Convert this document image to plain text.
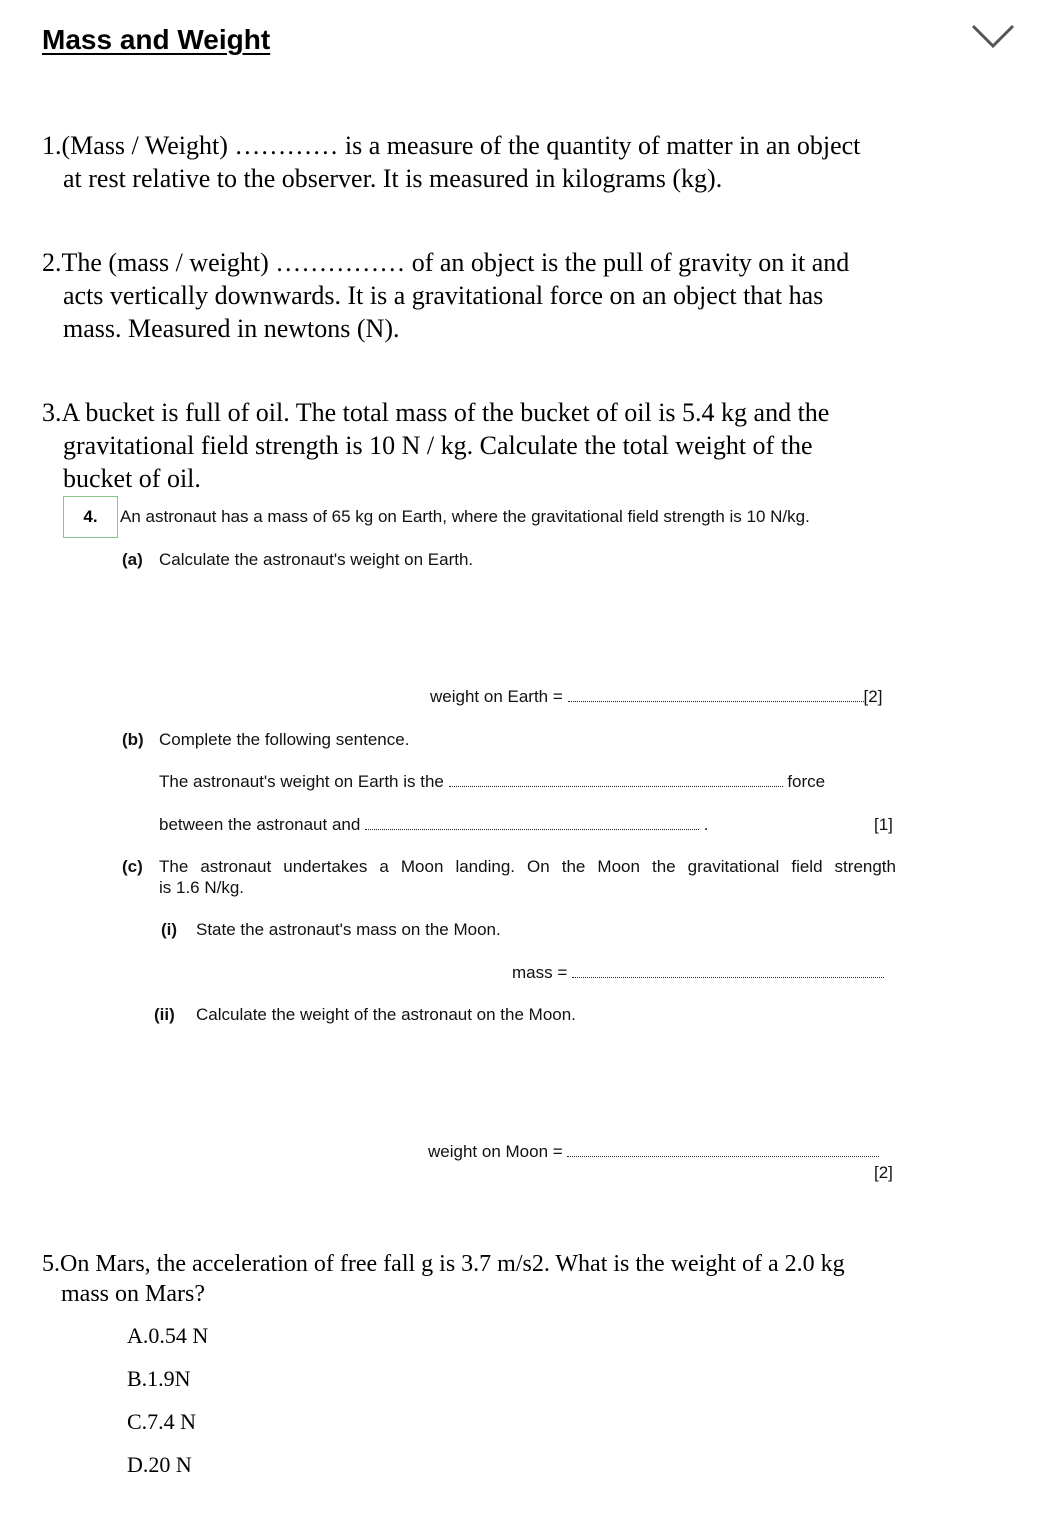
Mass and Weight
1.(Mass / Weight) ………… is a measure of the quantity of matter in an object
at rest relative to the observer. It is measured in kilograms (kg).
2.The (mass / weight) …………… of an object is the pull of gravity on it and
acts vertically downwards. It is a gravitational force on an object that has
mass. Measured in newtons (N).
3.A bucket is full of oil. The total mass of the bucket of oil is 5.4 kg and the
gravitational field strength is 10 N / kg. Calculate the total weight of the
bucket of oil.
4.	An astronaut has a mass of 65 kg on Earth, where the gravitational field strength is 10 N/kg.
(a) Calculate the astronaut's weight on Earth.
weight on Earth =	[2]
(b) Complete the following sentence.
The astronaut's weight on Earth is the	force
between the astronaut and	.	[1]
(c) The astronaut undertakes a Moon landing. On the Moon the gravitational field strength
is 1.6 N/kg.
(i) State the astronaut's mass on the Moon.
mass =
(ii) Calculate the weight of the astronaut on the Moon.
weight on Moon =
[2]
5.On Mars, the acceleration of free fall g is 3.7 m/s2. What is the weight of a 2.0 kg
mass on Mars?
A.0.54 N
B.1.9N
C.7.4 N
D.20 N
